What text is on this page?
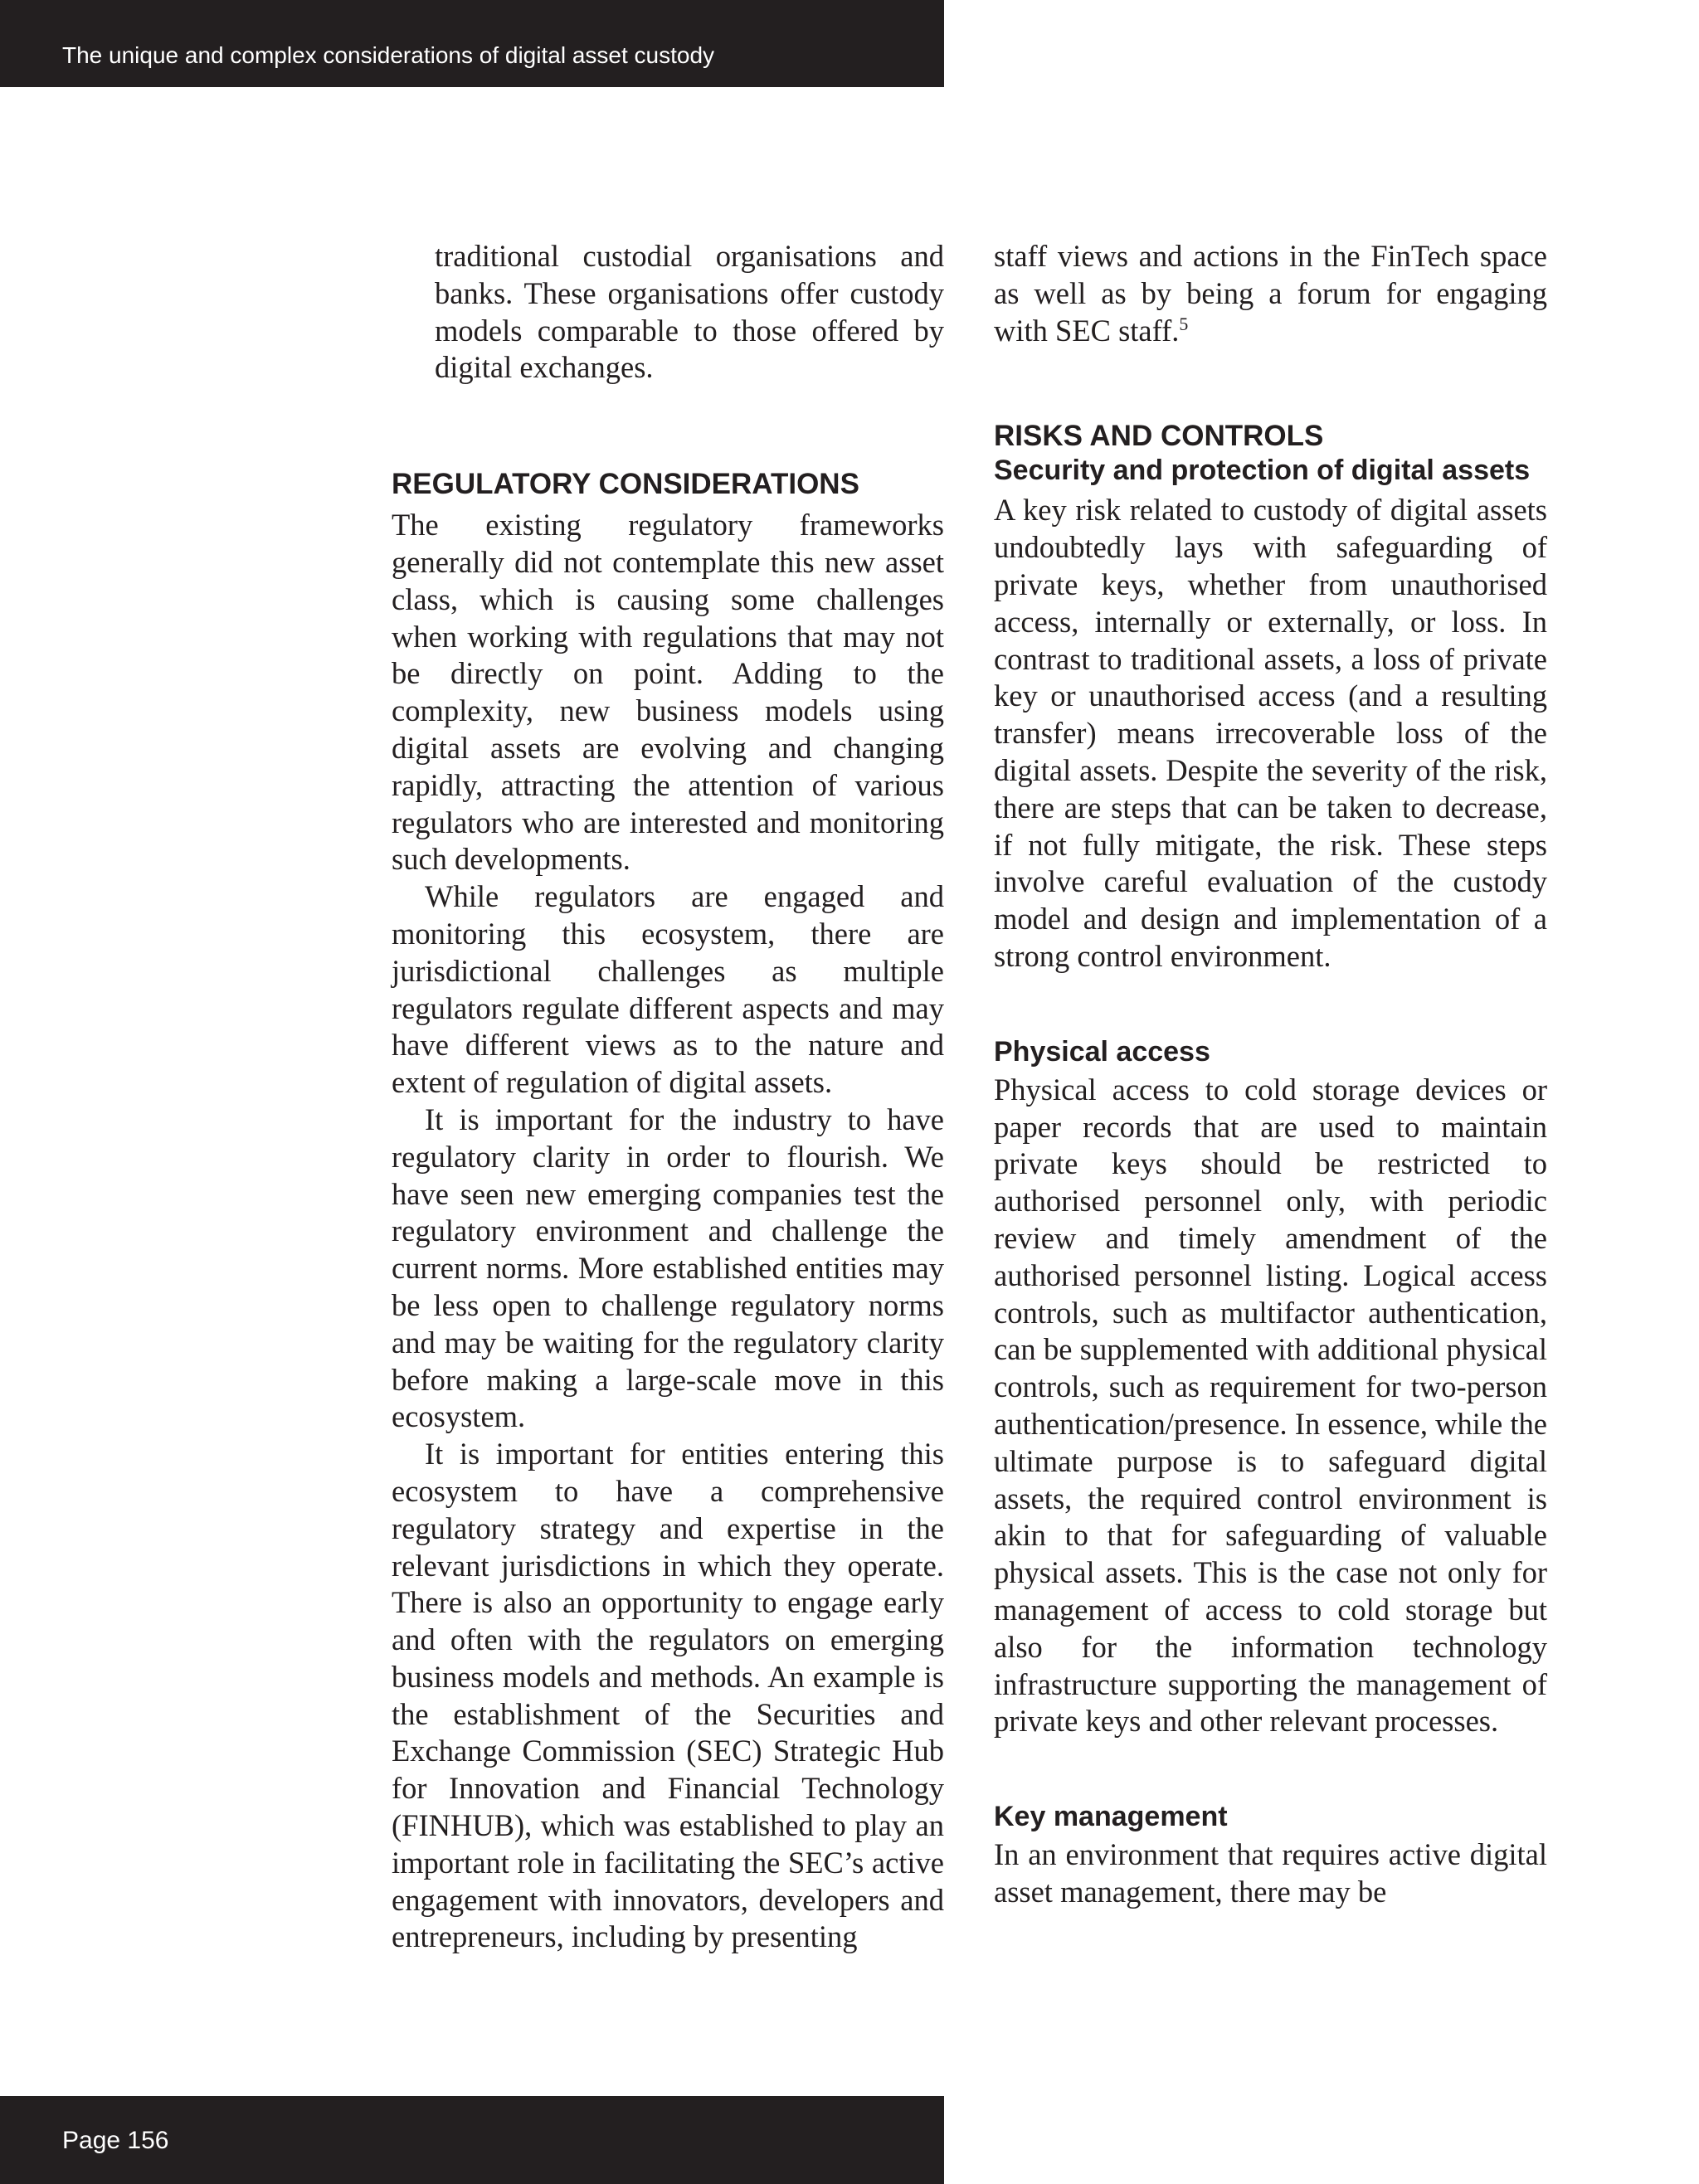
The unique and complex considerations of digital asset custody

traditional custodial organisations and banks. These organisations offer custody models comparable to those offered by digital exchanges.

REGULATORY CONSIDERATIONS

The existing regulatory frameworks generally did not contemplate this new asset class, which is causing some challenges when working with regulations that may not be directly on point. Adding to the complexity, new business models using digital assets are evolving and changing rapidly, attracting the attention of various regulators who are interested and monitoring such developments.

While regulators are engaged and monitoring this ecosystem, there are jurisdictional challenges as multiple regulators regulate different aspects and may have different views as to the nature and extent of regulation of digital assets.

It is important for the industry to have regulatory clarity in order to flourish. We have seen new emerging companies test the regulatory environment and challenge the current norms. More established entities may be less open to challenge regulatory norms and may be waiting for the regulatory clarity before making a large-scale move in this ecosystem.

It is important for entities entering this ecosystem to have a comprehensive regulatory strategy and expertise in the relevant jurisdictions in which they operate. There is also an opportunity to engage early and often with the regulators on emerging business models and methods. An example is the establishment of the Securities and Exchange Commission (SEC) Strategic Hub for Innovation and Financial Technology (FINHUB), which was established to play an important role in facilitating the SEC’s active engagement with innovators, developers and entrepreneurs, including by presenting

staff views and actions in the FinTech space as well as by being a forum for engaging with SEC staff.$^5$

RISKS AND CONTROLS
Security and protection of digital assets

A key risk related to custody of digital assets undoubtedly lays with safeguarding of private keys, whether from unauthorised access, internally or externally, or loss. In contrast to traditional assets, a loss of private key or unauthorised access (and a resulting transfer) means irrecoverable loss of the digital assets. Despite the severity of the risk, there are steps that can be taken to decrease, if not fully mitigate, the risk. These steps involve careful evaluation of the custody model and design and implementation of a strong control environment.

Physical access

Physical access to cold storage devices or paper records that are used to maintain private keys should be restricted to authorised personnel only, with periodic review and timely amendment of the authorised personnel listing. Logical access controls, such as multifactor authentication, can be supplemented with additional physical controls, such as requirement for two-person authentication/presence. In essence, while the ultimate purpose is to safeguard digital assets, the required control environment is akin to that for safeguarding of valuable physical assets. This is the case not only for management of access to cold storage but also for the information technology infrastructure supporting the management of private keys and other relevant processes.

Key management

In an environment that requires active digital asset management, there may be

Page 156
